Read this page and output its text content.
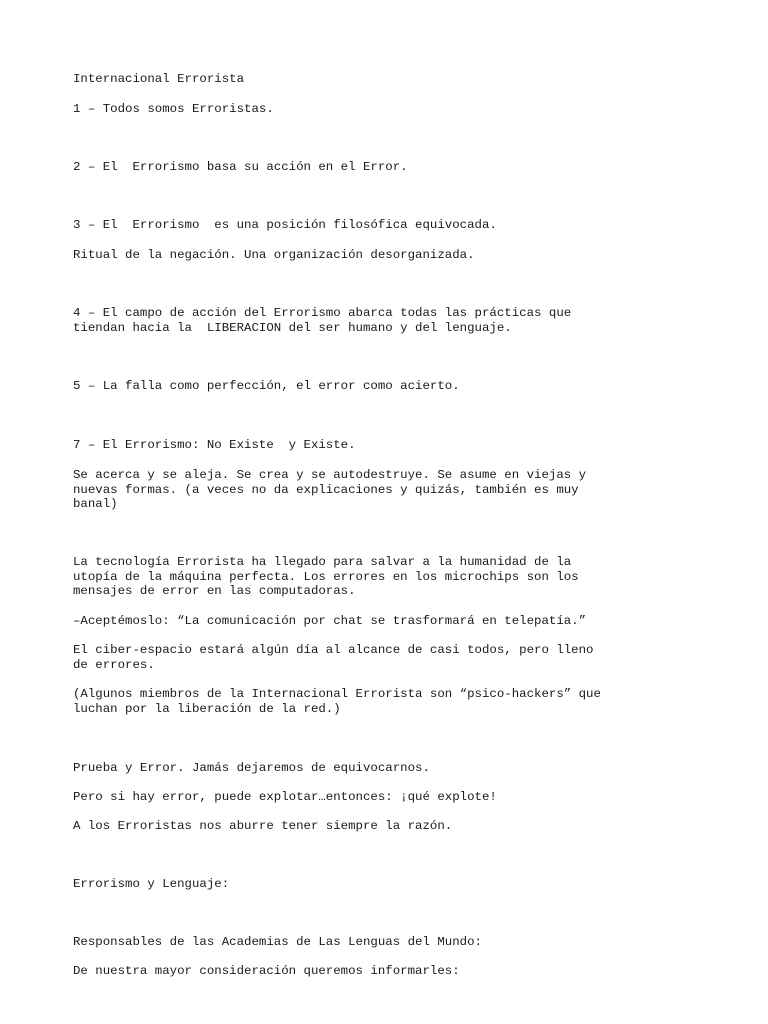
Internacional Errorista

1 – Todos somos Erroristas.

2 – El  Errorismo basa su acción en el Error.

3 – El  Errorismo  es una posición filosófica equivocada.

Ritual de la negación. Una organización desorganizada.

4 – El campo de acción del Errorismo abarca todas las prácticas que

tiendan hacia la  LIBERACION del ser humano y del lenguaje.

5 – La falla como perfección, el error como acierto.

7 – El Errorismo: No Existe  y Existe.

Se acerca y se aleja. Se crea y se autodestruye. Se asume en viejas y

nuevas formas. (a veces no da explicaciones y quizás, también es muy

banal)

La tecnología Errorista ha llegado para salvar a la humanidad de la

utopía de la máquina perfecta. Los errores en los microchips son los

mensajes de error en las computadoras.

–Aceptémoslo: “La comunicación por chat se trasformará en telepatía.”

El ciber-espacio estará algún día al alcance de casi todos, pero lleno

de errores.

(Algunos miembros de la Internacional Errorista son “psico-hackers” que

luchan por la liberación de la red.)

Prueba y Error. Jamás dejaremos de equivocarnos.

Pero si hay error, puede explotar…entonces: ¡qué explote!

A los Erroristas nos aburre tener siempre la razón.

Errorismo y Lenguaje:

Responsables de las Academias de Las Lenguas del Mundo:

De nuestra mayor consideración queremos informarles:
